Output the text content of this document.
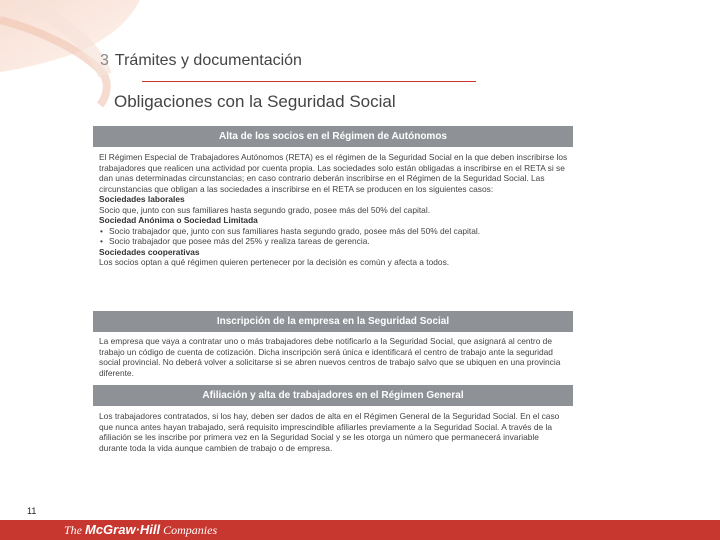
3 Trámites y documentación
Obligaciones con la Seguridad Social
Alta de los socios en el Régimen de Autónomos
El Régimen Especial de Trabajadores Autónomos (RETA) es el régimen de la Seguridad Social en la que deben inscribirse los trabajadores que realicen una actividad por cuenta propia. Las sociedades solo están obligadas a inscribirse en el RETA si se dan unas determinadas circunstancias; en caso contrario deberán inscribirse en el Régimen de la Seguridad Social. Las circunstancias que obligan a las sociedades a inscribirse en el RETA se producen en los siguientes casos:
Sociedades laborales
Socio que, junto con sus familiares hasta segundo grado, posee más del 50% del capital.
Sociedad Anónima o Sociedad Limitada
• Socio trabajador que, junto con sus familiares hasta segundo grado, posee más del 50% del capital.
• Socio trabajador que posee más del 25% y realiza tareas de gerencia.
Sociedades cooperativas
Los socios optan a qué régimen quieren pertenecer por la decisión es común y afecta a todos.
Inscripción de la empresa en la Seguridad Social
La empresa que vaya a contratar uno o más trabajadores debe notificarlo a la Seguridad Social, que asignará al centro de trabajo un código de cuenta de cotización. Dicha inscripción será única e identificará el centro de trabajo ante la seguridad social provincial. No deberá volver a solicitarse si se abren nuevos centros de trabajo salvo que se ubiquen en una provincia diferente.
Afiliación y alta de trabajadores en el Régimen General
Los trabajadores contratados, si los hay, deben ser dados de alta en el Régimen General de la Seguridad Social. En el caso que nunca antes hayan trabajado, será requisito imprescindible afiliarles previamente a la Seguridad Social. A través de la afiliación se les inscribe por primera vez en la Seguridad Social y se les otorga un número que permanecerá invariable durante toda la vida aunque cambien de trabajo o de empresa.
11
The McGraw·Hill Companies
